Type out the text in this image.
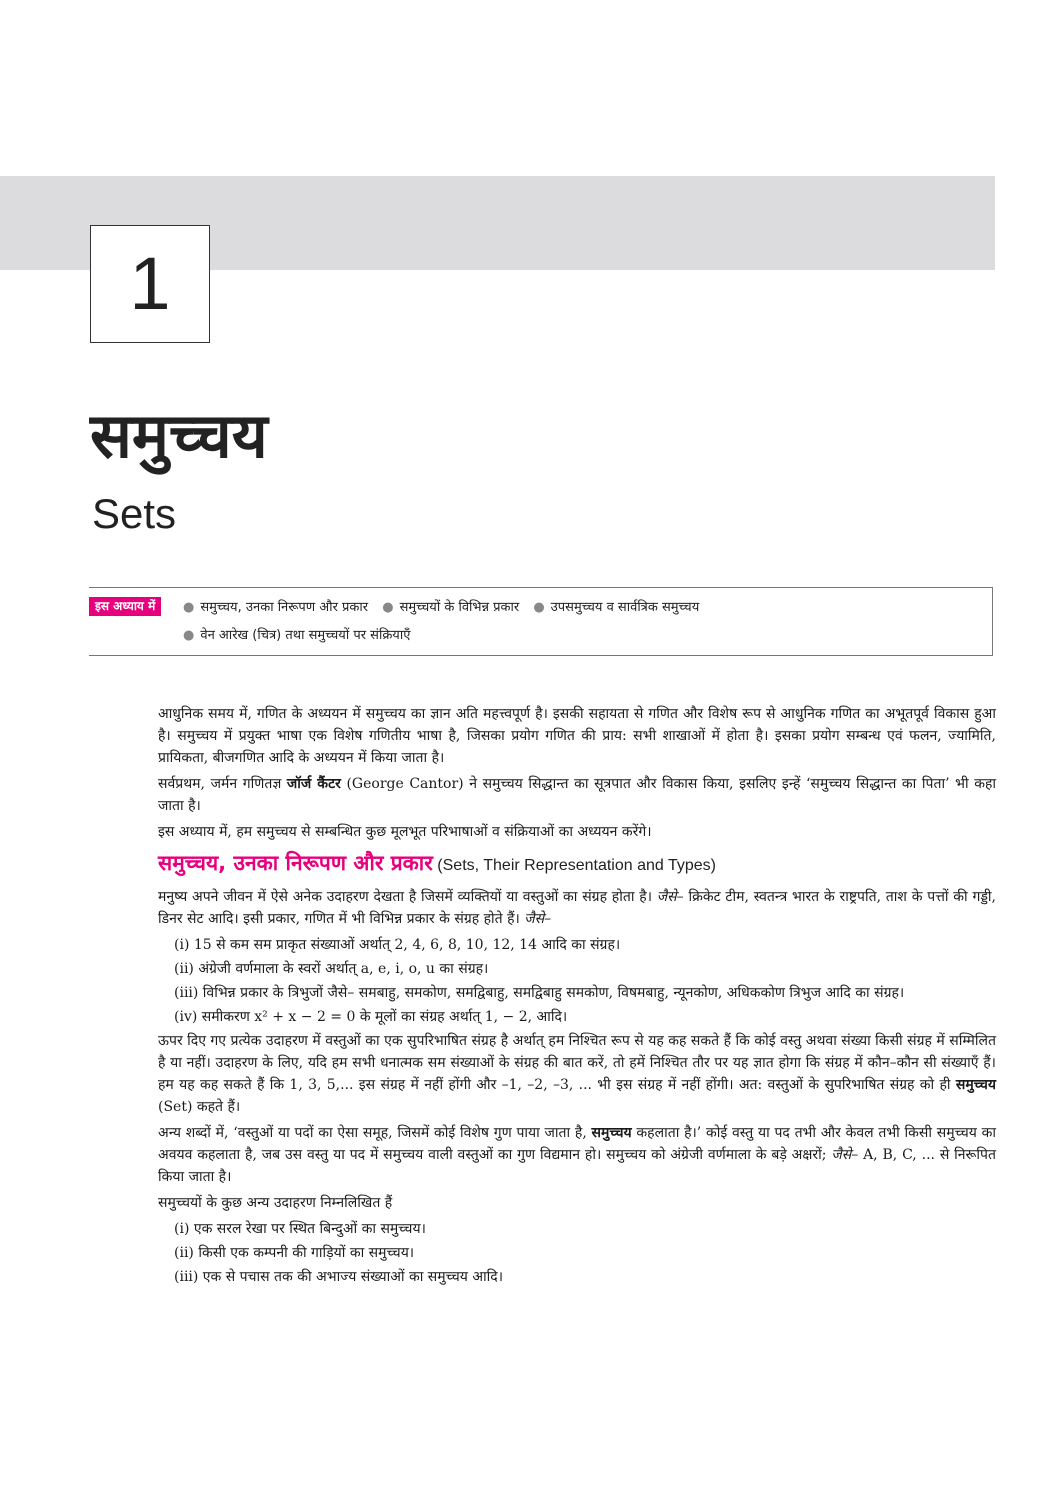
1
समुच्चय
Sets
इस अध्याय में	● समुच्चय, उनका निरूपण और प्रकार ● समुच्चयों के विभिन्न प्रकार ● उपसमुच्चय व सार्वत्रिक समुच्चय
● वेन आरेख (चित्र) तथा समुच्चयों पर संक्रियाएँ

आधुनिक समय में, गणित के अध्ययन में समुच्चय का ज्ञान अति महत्त्वपूर्ण है। इसकी सहायता से गणित और विशेष रूप से आधुनिक गणित का अभूतपूर्व विकास हुआ है। समुच्चय में प्रयुक्त भाषा एक विशेष गणितीय भाषा है, जिसका प्रयोग गणित की प्राय: सभी शाखाओं में होता है। इसका प्रयोग सम्बन्ध एवं फलन, ज्यामिति, प्रायिकता, बीजगणित आदि के अध्ययन में किया जाता है।

सर्वप्रथम, जर्मन गणितज्ञ जॉर्ज कैंटर (George Cantor) ने समुच्चय सिद्धान्त का सूत्रपात और विकास किया, इसलिए इन्हें ‘समुच्चय सिद्धान्त का पिता’ भी कहा जाता है।

इस अध्याय में, हम समुच्चय से सम्बन्धित कुछ मूलभूत परिभाषाओं व संक्रियाओं का अध्ययन करेंगे।

समुच्चय, उनका निरूपण और प्रकार (Sets, Their Representation and Types)

मनुष्य अपने जीवन में ऐसे अनेक उदाहरण देखता है जिसमें व्यक्तियों या वस्तुओं का संग्रह होता है। जैसे– क्रिकेट टीम, स्वतन्त्र भारत के राष्ट्रपति, ताश के पत्तों की गड्डी, डिनर सेट आदि। इसी प्रकार, गणित में भी विभिन्न प्रकार के संग्रह होते हैं। जैसे–

(i) 15 से कम सम प्राकृत संख्याओं अर्थात् 2, 4, 6, 8, 10, 12, 14 आदि का संग्रह।
(ii) अंग्रेजी वर्णमाला के स्वरों अर्थात् a, e, i, o, u का संग्रह।
(iii) विभिन्न प्रकार के त्रिभुजों जैसे– समबाहु, समकोण, समद्विबाहु, समद्विबाहु समकोण, विषमबाहु, न्यूनकोण, अधिककोण त्रिभुज आदि का संग्रह।
(iv) समीकरण x² + x − 2 = 0 के मूलों का संग्रह अर्थात् 1, − 2, आदि।

ऊपर दिए गए प्रत्येक उदाहरण में वस्तुओं का एक सुपरिभाषित संग्रह है अर्थात् हम निश्चित रूप से यह कह सकते हैं कि कोई वस्तु अथवा संख्या किसी संग्रह में सम्मिलित है या नहीं। उदाहरण के लिए, यदि हम सभी धनात्मक सम संख्याओं के संग्रह की बात करें, तो हमें निश्चित तौर पर यह ज्ञात होगा कि संग्रह में कौन–कौन सी संख्याएँ हैं। हम यह कह सकते हैं कि 1, 3, 5,... इस संग्रह में नहीं होंगी और –1, –2, –3, ... भी इस संग्रह में नहीं होंगी। अत: वस्तुओं के सुपरिभाषित संग्रह को ही समुच्चय (Set) कहते हैं।

अन्य शब्दों में, ‘वस्तुओं या पदों का ऐसा समूह, जिसमें कोई विशेष गुण पाया जाता है, समुच्चय कहलाता है।’ कोई वस्तु या पद तभी और केवल तभी किसी समुच्चय का अवयव कहलाता है, जब उस वस्तु या पद में समुच्चय वाली वस्तुओं का गुण विद्यमान हो। समुच्चय को अंग्रेजी वर्णमाला के बड़े अक्षरों; जैसे– A, B, C, ... से निरूपित किया जाता है।

समुच्चयों के कुछ अन्य उदाहरण निम्नलिखित हैं

(i) एक सरल रेखा पर स्थित बिन्दुओं का समुच्चय।
(ii) किसी एक कम्पनी की गाड़ियों का समुच्चय।
(iii) एक से पचास तक की अभाज्य संख्याओं का समुच्चय आदि।
